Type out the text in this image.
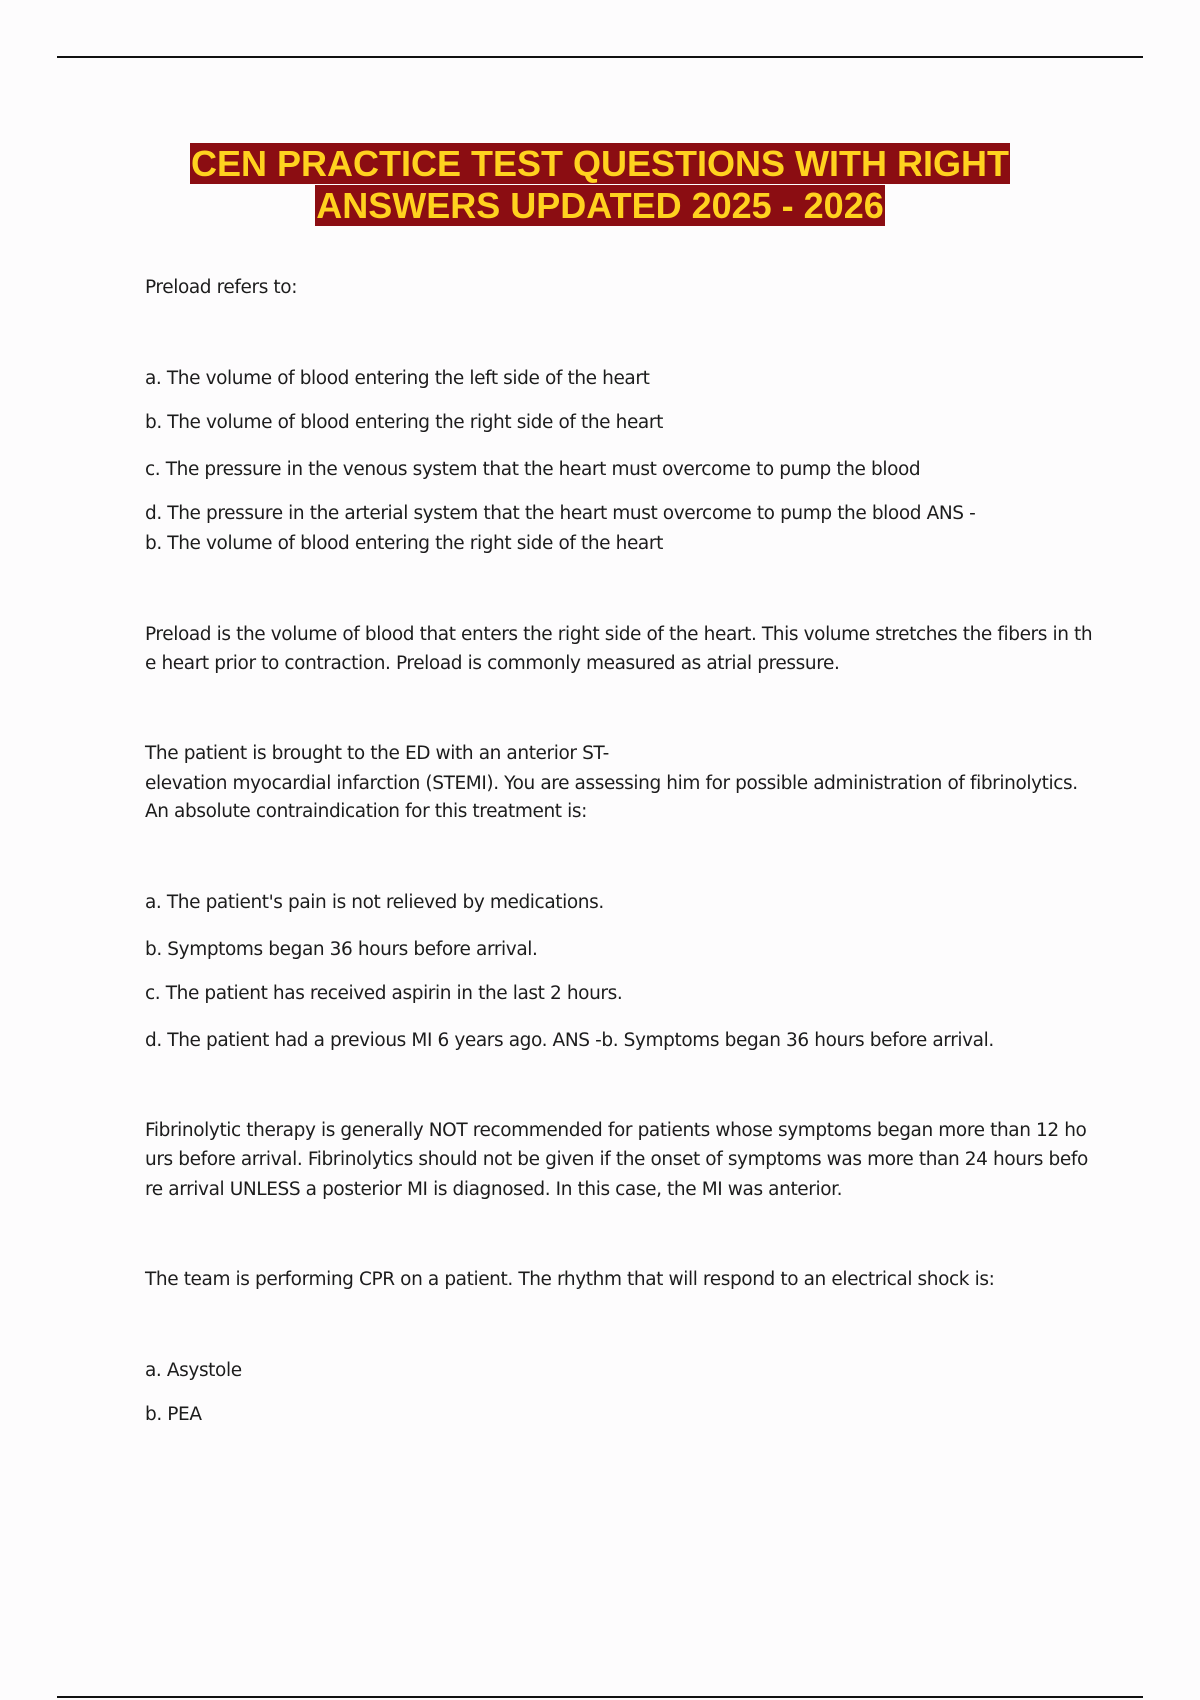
CEN PRACTICE TEST QUESTIONS WITH RIGHT
ANSWERS UPDATED 2025 - 2026
Preload refers to:
a. The volume of blood entering the left side of the heart
b. The volume of blood entering the right side of the heart
c. The pressure in the venous system that the heart must overcome to pump the blood
d. The pressure in the arterial system that the heart must overcome to pump the blood ANS -
b. The volume of blood entering the right side of the heart
Preload is the volume of blood that enters the right side of the heart. This volume stretches the fibers in th
e heart prior to contraction. Preload is commonly measured as atrial pressure.
The patient is brought to the ED with an anterior ST-
elevation myocardial infarction (STEMI). You are assessing him for possible administration of fibrinolytics.
An absolute contraindication for this treatment is:
a. The patient's pain is not relieved by medications.
b. Symptoms began 36 hours before arrival.
c. The patient has received aspirin in the last 2 hours.
d. The patient had a previous MI 6 years ago. ANS -b. Symptoms began 36 hours before arrival.
Fibrinolytic therapy is generally NOT recommended for patients whose symptoms began more than 12 ho
urs before arrival. Fibrinolytics should not be given if the onset of symptoms was more than 24 hours befo
re arrival UNLESS a posterior MI is diagnosed. In this case, the MI was anterior.
The team is performing CPR on a patient. The rhythm that will respond to an electrical shock is:
a. Asystole
b. PEA
